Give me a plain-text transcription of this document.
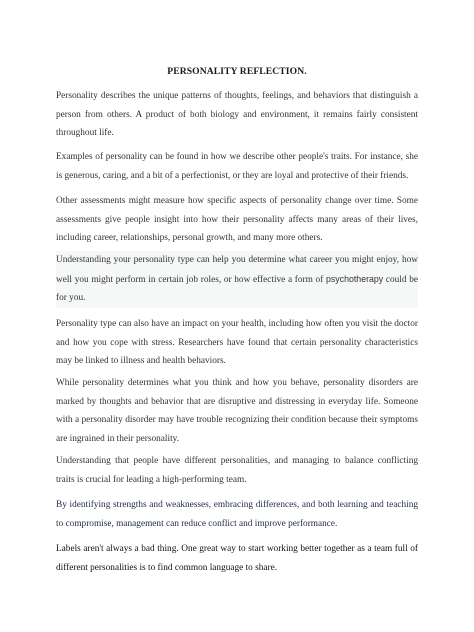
PERSONALITY REFLECTION.

Personality describes the unique patterns of thoughts, feelings, and behaviors that distinguish a person from others. A product of both biology and environment, it remains fairly consistent throughout life.

Examples of personality can be found in how we describe other people's traits. For instance, she is generous, caring, and a bit of a perfectionist, or they are loyal and protective of their friends.

Other assessments might measure how specific aspects of personality change over time. Some assessments give people insight into how their personality affects many areas of their lives, including career, relationships, personal growth, and many more others.

Understanding your personality type can help you determine what career you might enjoy, how well you might perform in certain job roles, or how effective a form of psychotherapy could be for you.

Personality type can also have an impact on your health, including how often you visit the doctor and how you cope with stress. Researchers have found that certain personality characteristics may be linked to illness and health behaviors.

While personality determines what you think and how you behave, personality disorders are marked by thoughts and behavior that are disruptive and distressing in everyday life. Someone with a personality disorder may have trouble recognizing their condition because their symptoms are ingrained in their personality.

Understanding that people have different personalities, and managing to balance conflicting traits is crucial for leading a high-performing team.

By identifying strengths and weaknesses, embracing differences, and both learning and teaching to compromise, management can reduce conflict and improve performance.

Labels aren't always a bad thing. One great way to start working better together as a team full of different personalities is to find common language to share.
